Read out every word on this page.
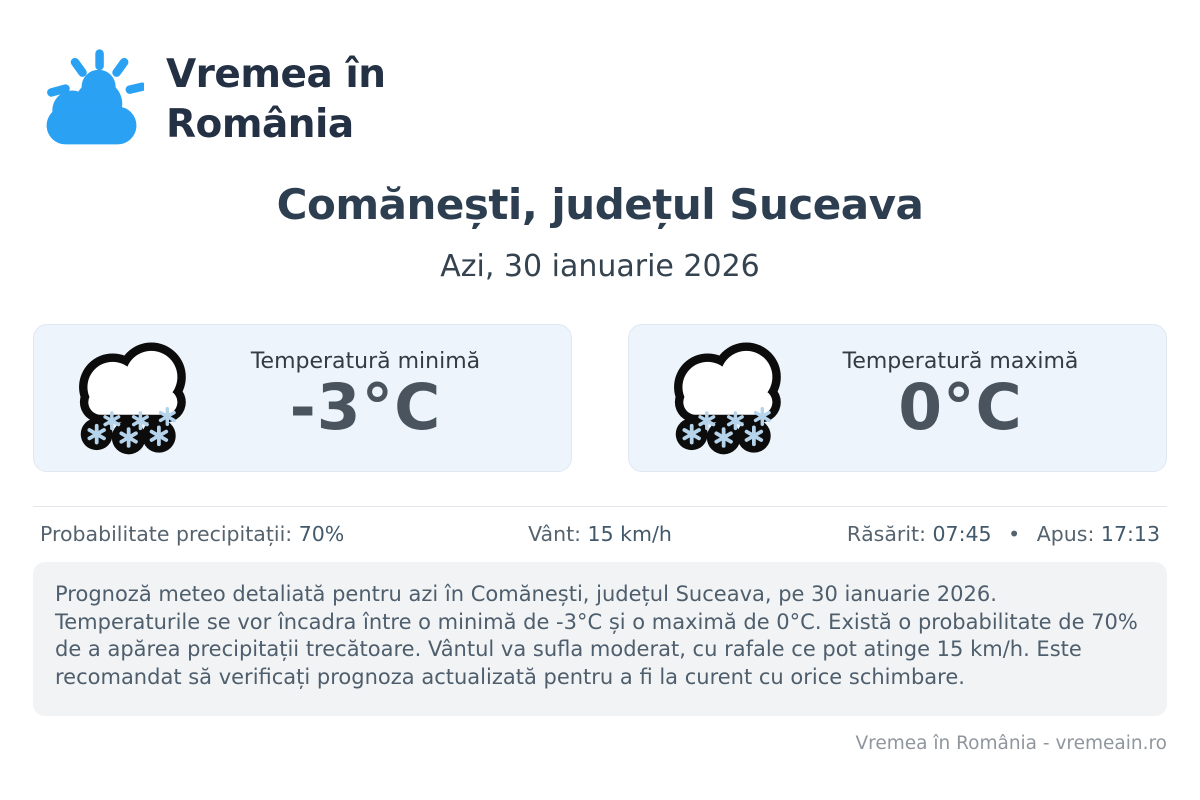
Vremea în
România
Comănești, județul Suceava
Azi, 30 ianuarie 2026
Temperatură minimă
-3°C
Temperatură maximă
0°C
Probabilitate precipitații: 70%	Vânt: 15 km/h	Răsărit: 07:45 • Apus: 17:13
Prognoză meteo detaliată pentru azi în Comănești, județul Suceava, pe 30 ianuarie 2026. Temperaturile se vor încadra între o minimă de -3°C și o maximă de 0°C. Există o probabilitate de 70% de a apărea precipitații trecătoare. Vântul va sufla moderat, cu rafale ce pot atinge 15 km/h. Este recomandat să verificați prognoza actualizată pentru a fi la curent cu orice schimbare.
Vremea în România - vremeain.ro
